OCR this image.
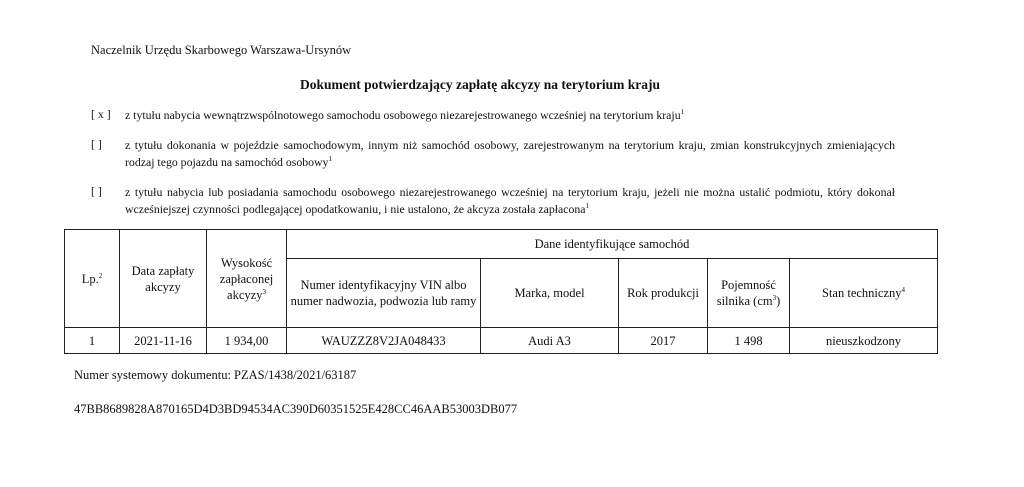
Naczelnik Urzędu Skarbowego Warszawa-Ursynów
Dokument potwierdzający zapłatę akcyzy na terytorium kraju
[ x ] z tytułu nabycia wewnątrzwspólnotowego samochodu osobowego niezarejestrowanego wcześniej na terytorium kraju$^1$
[ ] z tytułu dokonania w pojeździe samochodowym, innym niż samochód osobowy, zarejestrowanym na terytorium kraju, zmian konstrukcyjnych zmieniających rodzaj tego pojazdu na samochód osobowy$^1$
[ ] z tytułu nabycia lub posiadania samochodu osobowego niezarejestrowanego wcześniej na terytorium kraju, jeżeli nie można ustalić podmiotu, który dokonał wcześniejszej czynności podlegającej opodatkowaniu, i nie ustalono, że akcyza została zapłacona$^1$
Lp.$^2$	Data zapłaty akcyzy	Wysokość zapłaconej akcyzy$^3$	Dane identyfikujące samochód				
			Numer identyfikacyjny VIN albo numer nadwozia, podwozia lub ramy	Marka, model	Rok produkcji	Pojemność silnika $(cm^3)$	Stan techniczny$^4$
1	2021-11-16	1 934,00	WAUZZZ8V2JA048433	Audi A3	2017	1 498	nieuszkodzony
Numer systemowy dokumentu: PZAS/1438/2021/63187
47BB8689828A870165D4D3BD94534AC390D60351525E428CC46AAB53003DB077
